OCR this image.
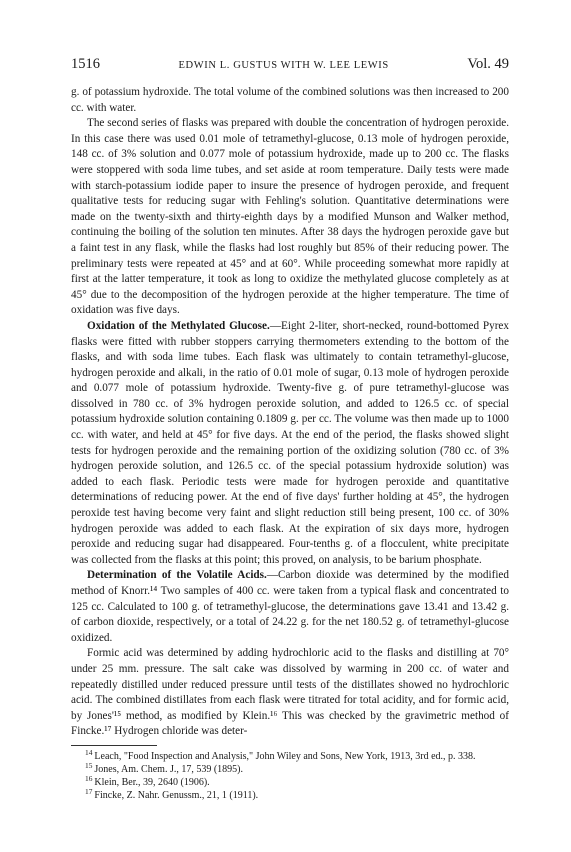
1516	EDWIN L. GUSTUS WITH W. LEE LEWIS	Vol. 49

g. of potassium hydroxide. The total volume of the combined solutions was then increased to 200 cc. with water.

The second series of flasks was prepared with double the concentration of hydrogen peroxide. In this case there was used 0.01 mole of tetramethyl-glucose, 0.13 mole of hydrogen peroxide, 148 cc. of 3% solution and 0.077 mole of potassium hydroxide, made up to 200 cc. The flasks were stoppered with soda lime tubes, and set aside at room temperature. Daily tests were made with starch-potassium iodide paper to insure the presence of hydrogen peroxide, and frequent qualitative tests for reducing sugar with Fehling's solution. Quantitative determinations were made on the twenty-sixth and thirty-eighth days by a modified Munson and Walker method, continuing the boiling of the solution ten minutes. After 38 days the hydrogen peroxide gave but a faint test in any flask, while the flasks had lost roughly but 85% of their reducing power. The preliminary tests were repeated at 45° and at 60°. While proceeding somewhat more rapidly at first at the latter temperature, it took as long to oxidize the methylated glucose completely as at 45° due to the decomposition of the hydrogen peroxide at the higher temperature. The time of oxidation was five days.

Oxidation of the Methylated Glucose.—Eight 2-liter, short-necked, round-bottomed Pyrex flasks were fitted with rubber stoppers carrying thermometers extending to the bottom of the flasks, and with soda lime tubes. Each flask was ultimately to contain tetramethyl-glucose, hydrogen peroxide and alkali, in the ratio of 0.01 mole of sugar, 0.13 mole of hydrogen peroxide and 0.077 mole of potassium hydroxide. Twenty-five g. of pure tetramethyl-glucose was dissolved in 780 cc. of 3% hydrogen peroxide solution, and added to 126.5 cc. of special potassium hydroxide solution containing 0.1809 g. per cc. The volume was then made up to 1000 cc. with water, and held at 45° for five days. At the end of the period, the flasks showed slight tests for hydrogen peroxide and the remaining portion of the oxidizing solution (780 cc. of 3% hydrogen peroxide solution, and 126.5 cc. of the special potassium hydroxide solution) was added to each flask. Periodic tests were made for hydrogen peroxide and quantitative determinations of reducing power. At the end of five days' further holding at 45°, the hydrogen peroxide test having become very faint and slight reduction still being present, 100 cc. of 30% hydrogen peroxide was added to each flask. At the expiration of six days more, hydrogen peroxide and reducing sugar had disappeared. Four-tenths g. of a flocculent, white precipitate was collected from the flasks at this point; this proved, on analysis, to be barium phosphate.

Determination of the Volatile Acids.—Carbon dioxide was determined by the modified method of Knorr.¹⁴ Two samples of 400 cc. were taken from a typical flask and concentrated to 125 cc. Calculated to 100 g. of tetramethyl-glucose, the determinations gave 13.41 and 13.42 g. of carbon dioxide, respectively, or a total of 24.22 g. for the net 180.52 g. of tetramethyl-glucose oxidized.

Formic acid was determined by adding hydrochloric acid to the flasks and distilling at 70° under 25 mm. pressure. The salt cake was dissolved by warming in 200 cc. of water and repeatedly distilled under reduced pressure until tests of the distillates showed no hydrochloric acid. The combined distillates from each flask were titrated for total acidity, and for formic acid, by Jones'¹⁵ method, as modified by Klein.¹⁶ This was checked by the gravimetric method of Fincke.¹⁷ Hydrogen chloride was deter-

$^{14}$ Leach, "Food Inspection and Analysis," John Wiley and Sons, New York, 1913, 3rd ed., p. 338.

$^{15}$ Jones, Am. Chem. J., 17, 539 (1895).

$^{16}$ Klein, Ber., 39, 2640 (1906).

$^{17}$ Fincke, Z. Nahr. Genussm., 21, 1 (1911).
